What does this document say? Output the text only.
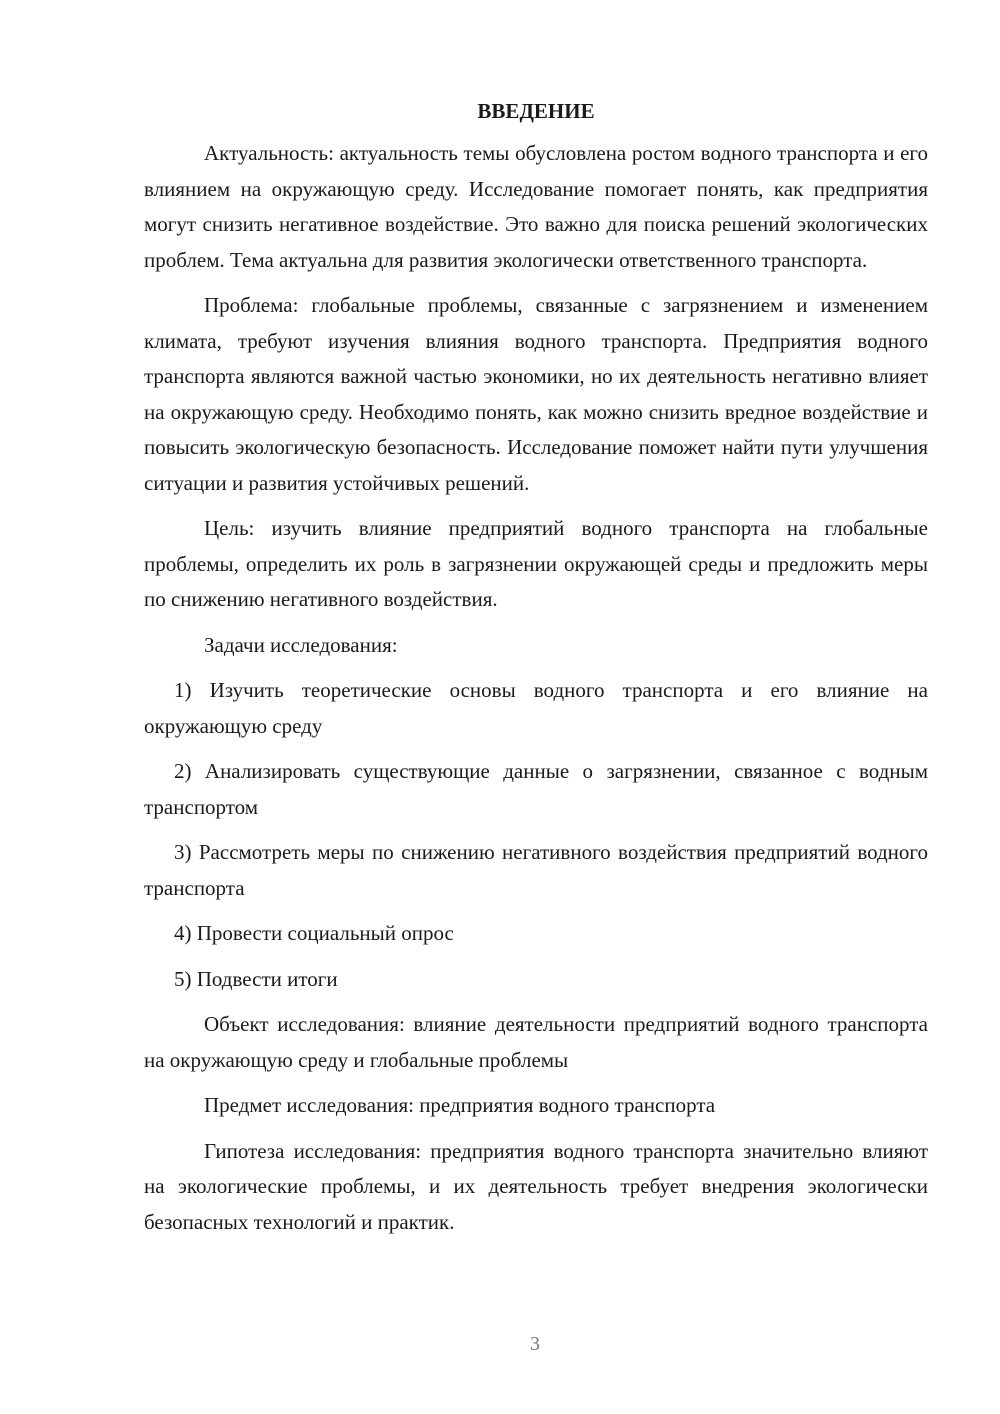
ВВЕДЕНИЕ

Актуальность: актуальность темы обусловлена ростом водного транспорта и его влиянием на окружающую среду. Исследование помогает понять, как предприятия могут снизить негативное воздействие. Это важно для поиска решений экологических проблем. Тема актуальна для развития экологически ответственного транспорта.

Проблема: глобальные проблемы, связанные с загрязнением и изменением климата, требуют изучения влияния водного транспорта. Предприятия водного транспорта являются важной частью экономики, но их деятельность негативно влияет на окружающую среду. Необходимо понять, как можно снизить вредное воздействие и повысить экологическую безопасность. Исследование поможет найти пути улучшения ситуации и развития устойчивых решений.

Цель: изучить влияние предприятий водного транспорта на глобальные проблемы, определить их роль в загрязнении окружающей среды и предложить меры по снижению негативного воздействия.

Задачи исследования:

1) Изучить теоретические основы водного транспорта и его влияние на окружающую среду

2) Анализировать существующие данные о загрязнении, связанное с водным транспортом

3) Рассмотреть меры по снижению негативного воздействия предприятий водного транспорта

4) Провести социальный опрос

5) Подвести итоги

Объект исследования: влияние деятельности предприятий водного транспорта на окружающую среду и глобальные проблемы

Предмет исследования: предприятия водного транспорта

Гипотеза исследования: предприятия водного транспорта значительно влияют на экологические проблемы, и их деятельность требует внедрения экологически безопасных технологий и практик.

3
